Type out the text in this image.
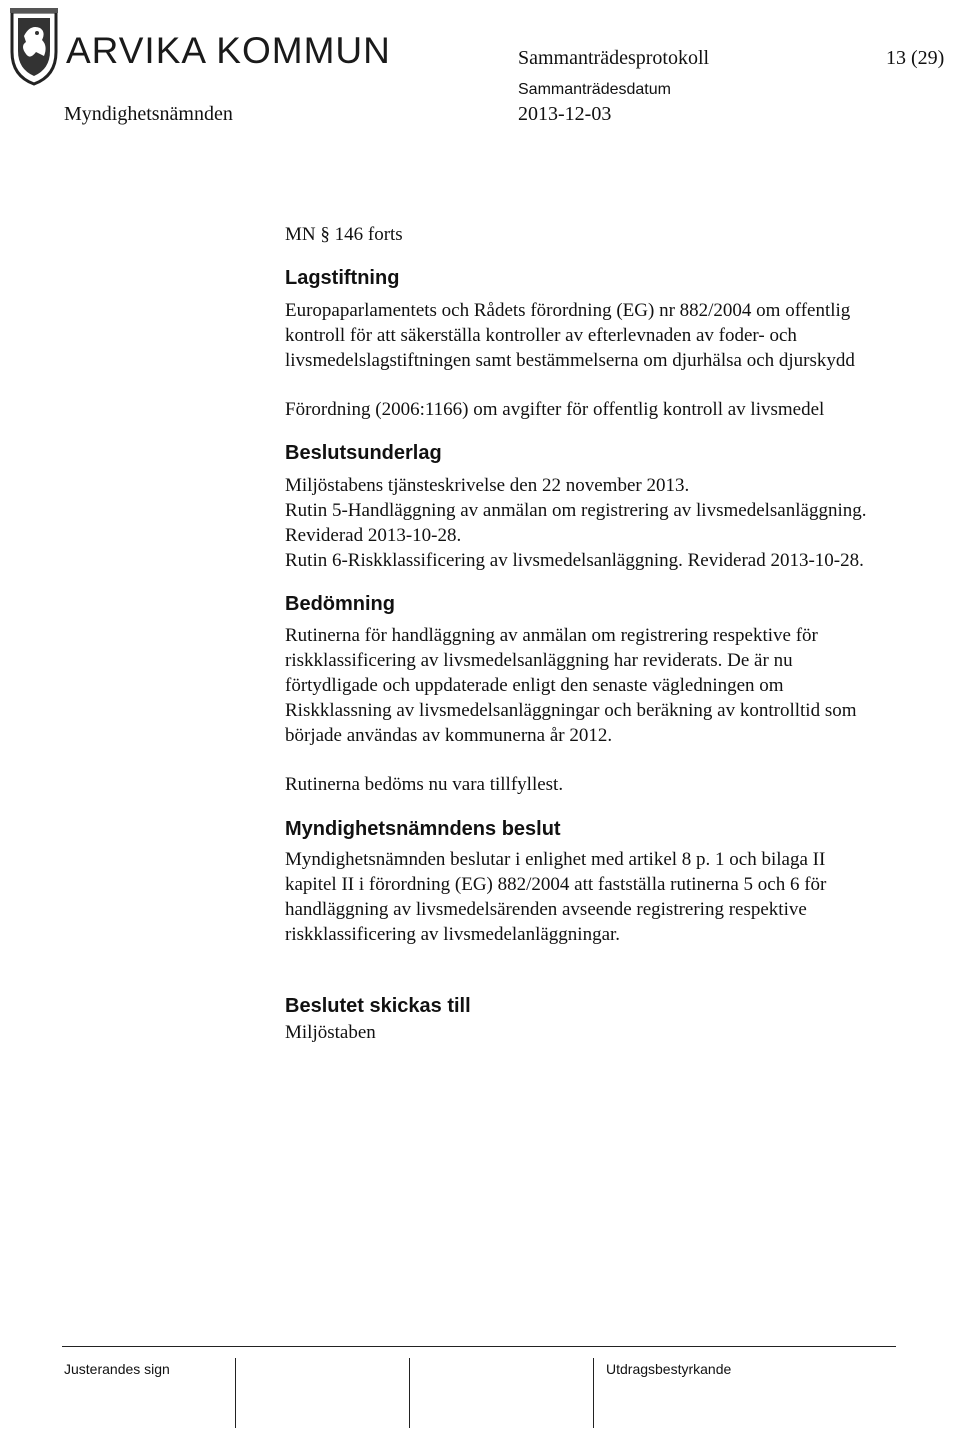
ARVIKA KOMMUN	Sammanträdesprotokoll	13 (29)
Sammanträdesdatum
Myndighetsnämnden	2013-12-03
MN § 146 forts
Lagstiftning
Europaparlamentets och Rådets förordning (EG) nr 882/2004 om offentlig
kontroll för att säkerställa kontroller av efterlevnaden av foder- och
livsmedelslagstiftningen samt bestämmelserna om djurhälsa och djurskydd
Förordning (2006:1166) om avgifter för offentlig kontroll av livsmedel
Beslutsunderlag
Miljöstabens tjänsteskrivelse den 22 november 2013.
Rutin 5-Handläggning av anmälan om registrering av livsmedelsanläggning.
Reviderad 2013-10-28.
Rutin 6-Riskklassificering av livsmedelsanläggning. Reviderad 2013-10-28.
Bedömning
Rutinerna för handläggning av anmälan om registrering respektive för
riskklassificering av livsmedelsanläggning har reviderats. De är nu
förtydligade och uppdaterade enligt den senaste vägledningen om
Riskklassning av livsmedelsanläggningar och beräkning av kontrolltid som
började användas av kommunerna år 2012.
Rutinerna bedöms nu vara tillfyllest.
Myndighetsnämndens beslut
Myndighetsnämnden beslutar i enlighet med artikel 8 p. 1 och bilaga II
kapitel II i förordning (EG) 882/2004 att fastställa rutinerna 5 och 6 för
handläggning av livsmedelsärenden avseende registrering respektive
riskklassificering av livsmedelanläggningar.
Beslutet skickas till
Miljöstaben
Justerandes sign	Utdragsbestyrkande
